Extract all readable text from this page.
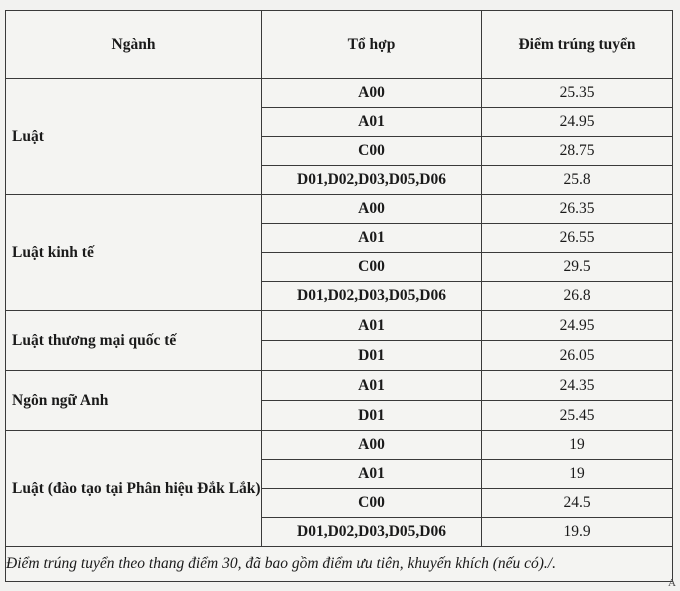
Ngành	Tổ hợp	Điểm trúng tuyển
Luật	A00	25.35
	A01	24.95
	C00	28.75
	D01,D02,D03,D05,D06	25.8
Luật kinh tế	A00	26.35
	A01	26.55
	C00	29.5
	D01,D02,D03,D05,D06	26.8
Luật thương mại quốc tế	A01	24.95
	D01	26.05
Ngôn ngữ Anh	A01	24.35
	D01	25.45
Luật (đào tạo tại Phân hiệu Đắk Lắk)	A00	19
	A01	19
	C00	24.5
	D01,D02,D03,D05,D06	19.9
Điểm trúng tuyển theo thang điểm 30, đã bao gồm điểm ưu tiên, khuyến khích (nếu có)./.		
A
